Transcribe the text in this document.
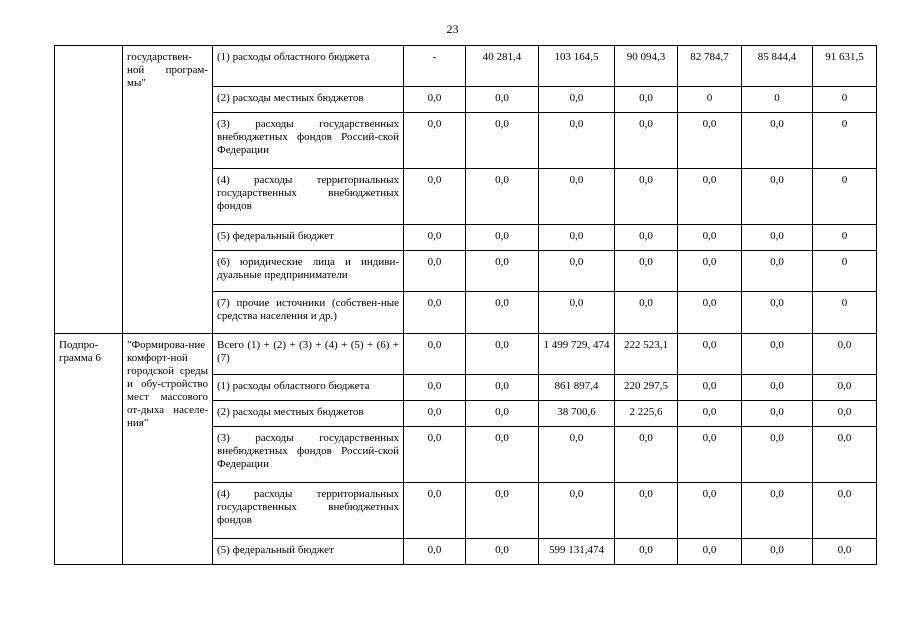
23
	государствен-ной програм-мы"	(1) расходы областного бюджета	-	40 281,4	103 164,5	90 094,3	82 784,7	85 844,4	91 631,5
		(2) расходы местных бюджетов	0,0	0,0	0,0	0,0	0	0	0
		(3) расходы государственных внебюджетных фондов Россий-ской Федерации	0,0	0,0	0,0	0,0	0,0	0,0	0
		(4) расходы территориальных государственных внебюджетных фондов	0,0	0,0	0,0	0,0	0,0	0,0	0
		(5) федеральный бюджет	0,0	0,0	0,0	0,0	0,0	0,0	0
		(6) юридические лица и индиви-дуальные предприниматели	0,0	0,0	0,0	0,0	0,0	0,0	0
		(7) прочие источники (собствен-ные средства населения и др.)	0,0	0,0	0,0	0,0	0,0	0,0	0
Подпро-грамма 6	"Формирова-ние комфорт-ной городской среды и обу-стройство мест массового от-дыха населе-ния"	Всего (1) + (2) + (3) + (4) + (5) + (6) + (7)	0,0	0,0	1 499 729, 474	222 523,1	0,0	0,0	0,0
		(1) расходы областного бюджета	0,0	0,0	861 897,4	220 297,5	0,0	0,0	0,0
		(2) расходы местных бюджетов	0,0	0,0	38 700,6	2 225,6	0,0	0,0	0,0
		(3) расходы государственных внебюджетных фондов Россий-ской Федерации	0,0	0,0	0,0	0,0	0,0	0,0	0,0
		(4) расходы территориальных государственных внебюджетных фондов	0,0	0,0	0,0	0,0	0,0	0,0	0,0
		(5) федеральный бюджет	0,0	0,0	599 131,474	0,0	0,0	0,0	0,0
